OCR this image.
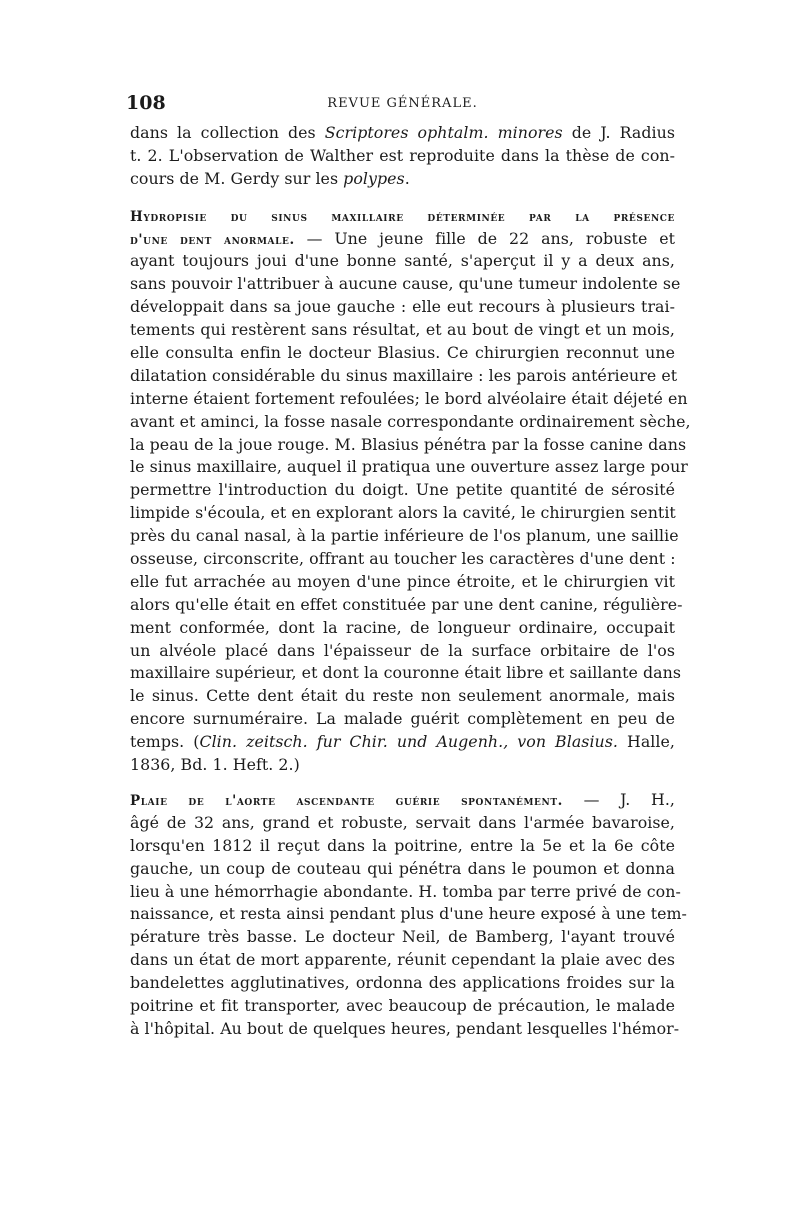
108	REVUE GÉNÉRALE.
dans la collection des Scriptores ophtalm. minores de J. Radius
t. 2. L'observation de Walther est reproduite dans la thèse de con-
cours de M. Gerdy sur les polypes.
Hydropisie du sinus maxillaire déterminée par la présence
d'une dent anormale. — Une jeune fille de 22 ans, robuste et
ayant toujours joui d'une bonne santé, s'aperçut il y a deux ans,
sans pouvoir l'attribuer à aucune cause, qu'une tumeur indolente se
développait dans sa joue gauche : elle eut recours à plusieurs trai-
tements qui restèrent sans résultat, et au bout de vingt et un mois,
elle consulta enfin le docteur Blasius. Ce chirurgien reconnut une
dilatation considérable du sinus maxillaire : les parois antérieure et
interne étaient fortement refoulées; le bord alvéolaire était déjeté en
avant et aminci, la fosse nasale correspondante ordinairement sèche,
la peau de la joue rouge. M. Blasius pénétra par la fosse canine dans
le sinus maxillaire, auquel il pratiqua une ouverture assez large pour
permettre l'introduction du doigt. Une petite quantité de sérosité
limpide s'écoula, et en explorant alors la cavité, le chirurgien sentit
près du canal nasal, à la partie inférieure de l'os planum, une saillie
osseuse, circonscrite, offrant au toucher les caractères d'une dent :
elle fut arrachée au moyen d'une pince étroite, et le chirurgien vit
alors qu'elle était en effet constituée par une dent canine, régulière-
ment conformée, dont la racine, de longueur ordinaire, occupait
un alvéole placé dans l'épaisseur de la surface orbitaire de l'os
maxillaire supérieur, et dont la couronne était libre et saillante dans
le sinus. Cette dent était du reste non seulement anormale, mais
encore surnuméraire. La malade guérit complètement en peu de
temps. (Clin. zeitsch. fur Chir. und Augenh., von Blasius. Halle,
1836, Bd. 1. Heft. 2.)
Plaie de l'aorte ascendante guérie spontanément. — J. H.,
âgé de 32 ans, grand et robuste, servait dans l'armée bavaroise,
lorsqu'en 1812 il reçut dans la poitrine, entre la 5e et la 6e côte
gauche, un coup de couteau qui pénétra dans le poumon et donna
lieu à une hémorrhagie abondante. H. tomba par terre privé de con-
naissance, et resta ainsi pendant plus d'une heure exposé à une tem-
pérature très basse. Le docteur Neil, de Bamberg, l'ayant trouvé
dans un état de mort apparente, réunit cependant la plaie avec des
bandelettes agglutinatives, ordonna des applications froides sur la
poitrine et fit transporter, avec beaucoup de précaution, le malade
à l'hôpital. Au bout de quelques heures, pendant lesquelles l'hémor-
